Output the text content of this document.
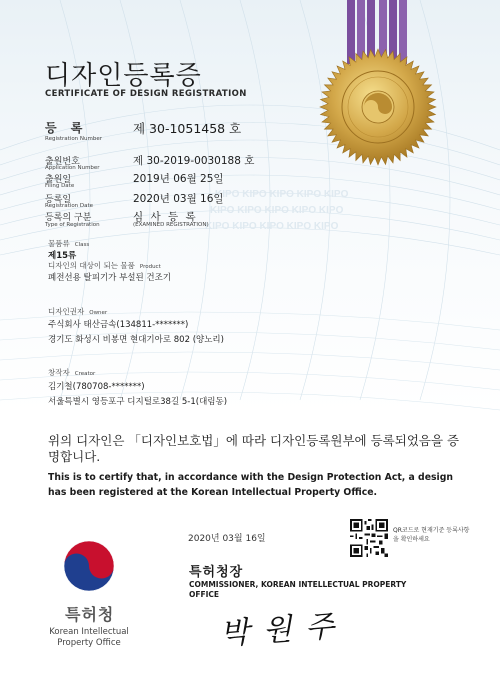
KIPO KIPO KIPO KIPO KIPO
KIPO KIPO KIPO KIPO KIPO
KIPO KIPO KIPO KIPO KIPO
디자인등록증
CERTIFICATE OF DESIGN REGISTRATION
등 록
Registration Number
제 30-1051458 호
출원번호
Application Number
제 30-2019-0030188 호
출원일
Filing Date
2019년 06월 25일
등록일
Registration Date
2020년 03월 16일
등록의 구분
Type of Registration
심 사 등 록
(EXAMINED REGISTRATION)
물품류 Class
제15류
디자인의 대상이 되는 물품 Product
폐전선용 탈피기가 부설된 건조기
디자인권자 Owner
주식회사 태산금속(134811-*******)
경기도 화성시 비봉면 현대기아로 802 (양노리)
창작자 Creator
김기철(780708-*******)
서울특별시 영등포구 디지털로38길 5-1(대림동)
위의 디자인은 「디자인보호법」에 따라 디자인등록원부에 등록되었음을 증명합니다.
This is to certify that, in accordance with the Design Protection Act, a design has been registered at the Korean Intellectual Property Office.
2020년 03월 16일
QR코드로 현재기준 등록사항을 확인하세요
특허청장
COMMISSIONER, KOREAN INTELLECTUAL PROPERTY OFFICE
박 원 주
특허청
Korean Intellectual Property Office
